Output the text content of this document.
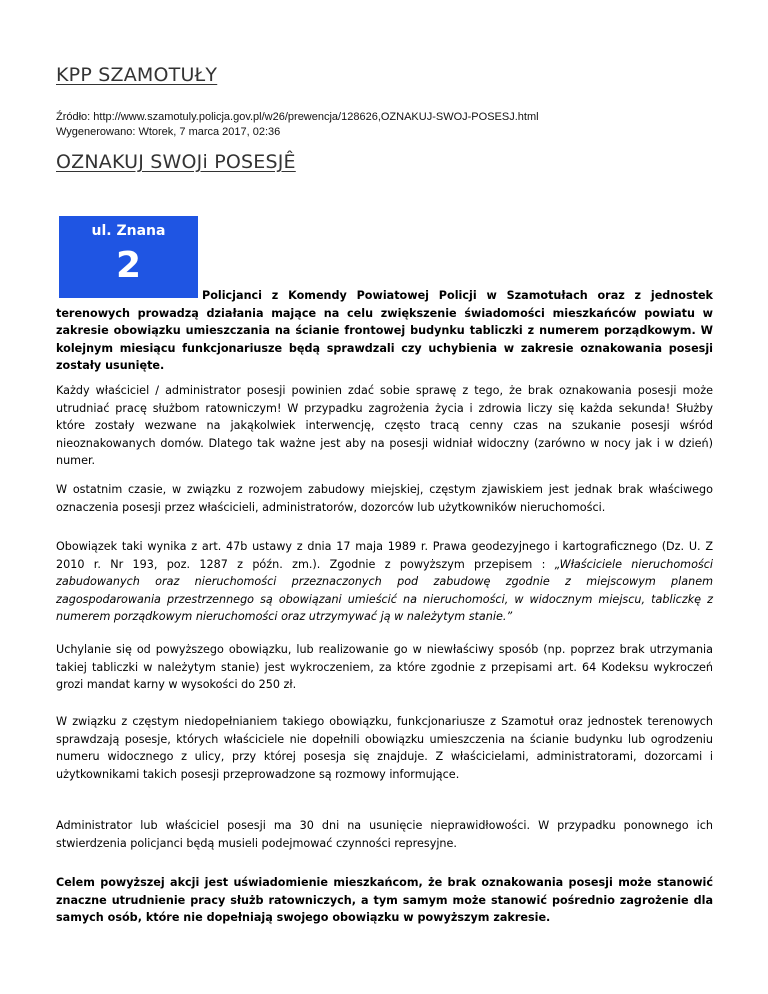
KPP SZAMOTUŁY
Źródło: http://www.szamotuly.policja.gov.pl/w26/prewencja/128626,OZNAKUJ-SWOJ-POSESJ.html
Wygenerowano: Wtorek, 7 marca 2017, 02:36
OZNAKUJ SWOJi POSESJÊ
ul. Znana
2

Policjanci z Komendy Powiatowej Policji w Szamotułach oraz z jednostek terenowych prowadzą działania mające na celu zwiększenie świadomości mieszkańców powiatu w zakresie obowiązku umieszczania na ścianie frontowej budynku tabliczki z numerem porządkowym. W kolejnym miesiącu funkcjonariusze będą sprawdzali czy uchybienia w zakresie oznakowania posesji zostały usunięte.

Każdy właściciel / administrator posesji powinien zdać sobie sprawę z tego, że brak oznakowania posesji może utrudniać pracę służbom ratowniczym! W przypadku zagrożenia życia i zdrowia liczy się każda sekunda! Służby które zostały wezwane na jakąkolwiek interwencję, często tracą cenny czas na szukanie posesji wśród nieoznakowanych domów. Dlatego tak ważne jest aby na posesji widniał widoczny (zarówno w nocy jak i w dzień) numer.

W ostatnim czasie, w związku z rozwojem zabudowy miejskiej, częstym zjawiskiem jest jednak brak właściwego oznaczenia posesji przez właścicieli, administratorów, dozorców lub użytkowników nieruchomości.

Obowiązek taki wynika z art. 47b ustawy z dnia 17 maja 1989 r. Prawa geodezyjnego i kartograficznego (Dz. U. Z 2010 r. Nr 193, poz. 1287 z późn. zm.). Zgodnie z powyższym przepisem : „Właściciele nieruchomości zabudowanych oraz nieruchomości przeznaczonych pod zabudowę zgodnie z miejscowym planem zagospodarowania przestrzennego są obowiązani umieścić na nieruchomości, w widocznym miejscu, tabliczkę z numerem porządkowym nieruchomości oraz utrzymywać ją w należytym stanie.”

Uchylanie się od powyższego obowiązku, lub realizowanie go w niewłaściwy sposób (np. poprzez brak utrzymania takiej tabliczki w należytym stanie) jest wykroczeniem, za które zgodnie z przepisami art. 64 Kodeksu wykroczeń grozi mandat karny w wysokości do 250 zł.

W związku z częstym niedopełnianiem takiego obowiązku, funkcjonariusze z Szamotuł oraz jednostek terenowych sprawdzają posesje, których właściciele nie dopełnili obowiązku umieszczenia na ścianie budynku lub ogrodzeniu numeru widocznego z ulicy, przy której posesja się znajduje. Z właścicielami, administratorami, dozorcami i użytkownikami takich posesji przeprowadzone są rozmowy informujące.

Administrator lub właściciel posesji ma 30 dni na usunięcie nieprawidłowości. W przypadku ponownego ich stwierdzenia policjanci będą musieli podejmować czynności represyjne.

Celem powyższej akcji jest uświadomienie mieszkańcom, że brak oznakowania posesji może stanowić znaczne utrudnienie pracy służb ratowniczych, a tym samym może stanowić pośrednio zagrożenie dla samych osób, które nie dopełniają swojego obowiązku w powyższym zakresie.
